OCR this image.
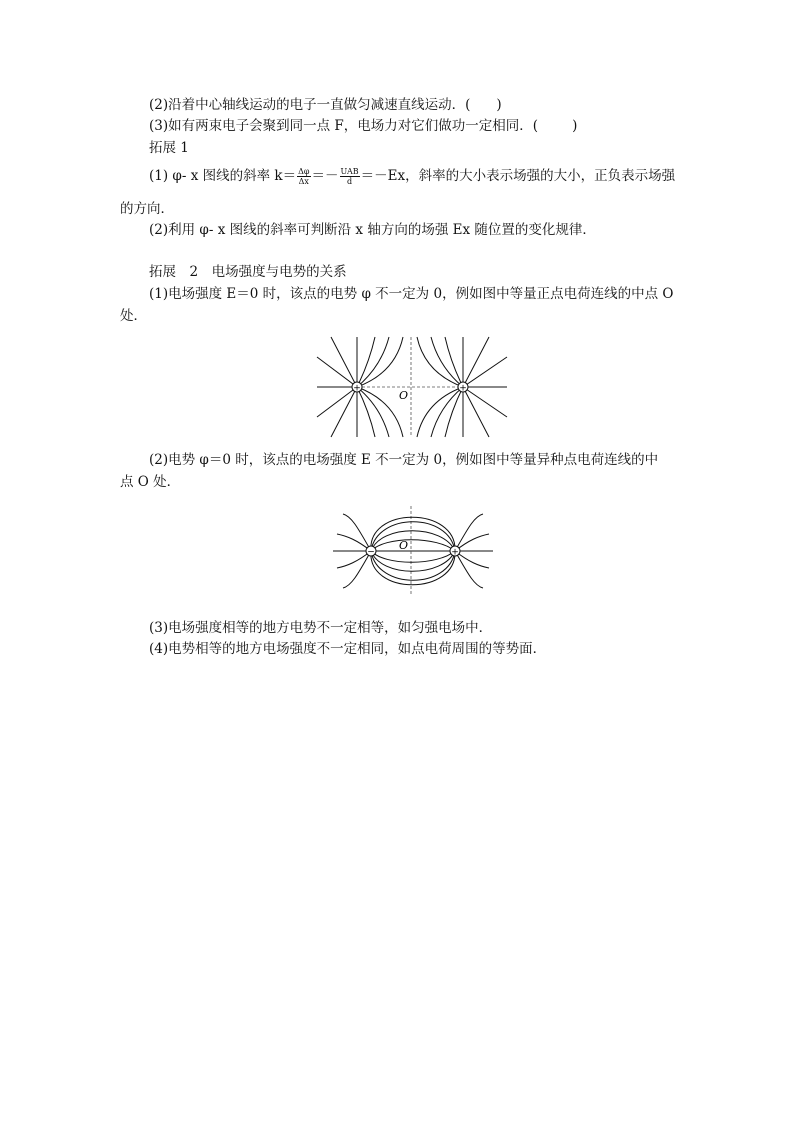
(2)沿着中心轴线运动的电子一直做匀减速直线运动．( )
(3)如有两束电子会聚到同一点 F，电场力对它们做功一定相同．(	)
拓展 1
(1) φ- x 图线的斜率 $k= \frac{\Delta\varphi}{\Delta x} =- \frac{\text{UAB}}{d} =-Ex$，斜率的大小表示场强的大小，正负表示场强
的方向．
(2)利用 φ- x 图线的斜率可判断沿 x 轴方向的场强 Ex 随位置的变化规律．
拓展　2　电场强度与电势的关系
(1)电场强度 E＝0 时，该点的电势 φ 不一定为 0，例如图中等量正点电荷连线的中点 O
处．
+	+
O
(2)电势 φ＝0 时，该点的电场强度 E 不一定为 0，例如图中等量异种点电荷连线的中
点 O 处．
−	+
O
(3)电场强度相等的地方电势不一定相等，如匀强电场中．
(4)电势相等的地方电场强度不一定相同，如点电荷周围的等势面．
